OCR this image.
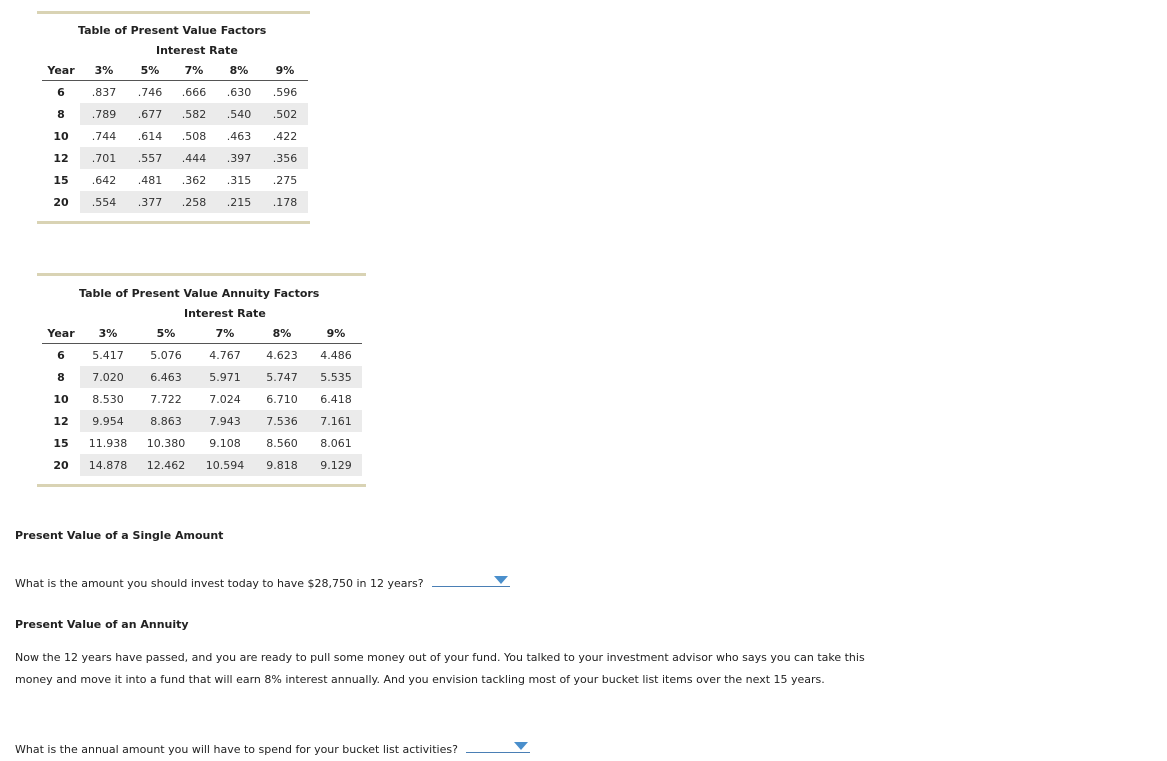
Table of Present Value Factors
Interest Rate
Year	3%	5%	7%	8%	9%
6	.837	.746	.666	.630	.596
8	.789	.677	.582	.540	.502
10	.744	.614	.508	.463	.422
12	.701	.557	.444	.397	.356
15	.642	.481	.362	.315	.275
20	.554	.377	.258	.215	.178
Table of Present Value Annuity Factors
Interest Rate
Year	3%	5%	7%	8%	9%
6	5.417	5.076	4.767	4.623	4.486
8	7.020	6.463	5.971	5.747	5.535
10	8.530	7.722	7.024	6.710	6.418
12	9.954	8.863	7.943	7.536	7.161
15	11.938	10.380	9.108	8.560	8.061
20	14.878	12.462	10.594	9.818	9.129
Present Value of a Single Amount
What is the amount you should invest today to have $28,750 in 12 years?
Present Value of an Annuity
Now the 12 years have passed, and you are ready to pull some money out of your fund. You talked to your investment advisor who says you can take this money and move it into a fund that will earn 8% interest annually. And you envision tackling most of your bucket list items over the next 15 years.
What is the annual amount you will have to spend for your bucket list activities?
